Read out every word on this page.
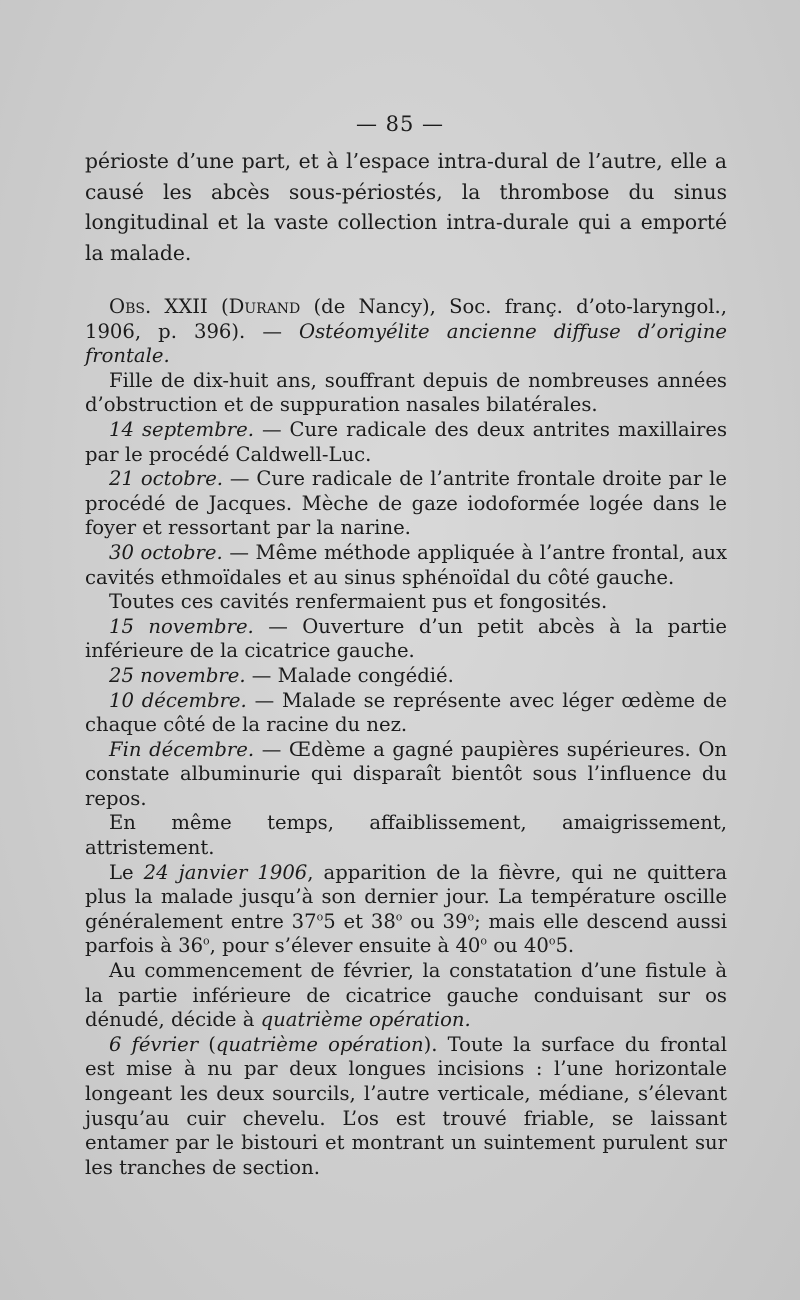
— 85 —

périoste d’une part, et à l’espace intra-dural de l’autre, elle a causé les abcès sous-périostés, la thrombose du sinus longitudinal et la vaste collection intra-durale qui a emporté la malade.

Obs. XXII (Durand (de Nancy), Soc. franç. d’oto-laryngol., 1906, p. 396). — Ostéomyélite ancienne diffuse d’origine frontale.

Fille de dix-huit ans, souffrant depuis de nombreuses années d’obstruction et de suppuration nasales bilatérales.

14 septembre. — Cure radicale des deux antrites maxillaires par le procédé Caldwell-Luc.

21 octobre. — Cure radicale de l’antrite frontale droite par le procédé de Jacques. Mèche de gaze iodoformée logée dans le foyer et ressortant par la narine.

30 octobre. — Même méthode appliquée à l’antre frontal, aux cavités ethmoïdales et au sinus sphénoïdal du côté gauche.

Toutes ces cavités renfermaient pus et fongosités.

15 novembre. — Ouverture d’un petit abcès à la partie inférieure de la cicatrice gauche.

25 novembre. — Malade congédié.

10 décembre. — Malade se représente avec léger œdème de chaque côté de la racine du nez.

Fin décembre. — Œdème a gagné paupières supérieures. On constate albuminurie qui disparaît bientôt sous l’influence du repos.

En même temps, affaiblissement, amaigrissement, attristement.

Le 24 janvier 1906, apparition de la fièvre, qui ne quittera plus la malade jusqu’à son dernier jour. La température oscille généralement entre 37$^o$5 et 38$^o$ ou 39$^o$; mais elle descend aussi parfois à 36$^o$, pour s’élever ensuite à 40$^o$ ou 40$^o$5.

Au commencement de février, la constatation d’une fistule à la partie inférieure de cicatrice gauche conduisant sur os dénudé, décide à quatrième opération.

6 février (quatrième opération). Toute la surface du frontal est mise à nu par deux longues incisions : l’une horizontale longeant les deux sourcils, l’autre verticale, médiane, s’élevant jusqu’au cuir chevelu. L’os est trouvé friable, se laissant entamer par le bistouri et montrant un suintement purulent sur les tranches de section.
